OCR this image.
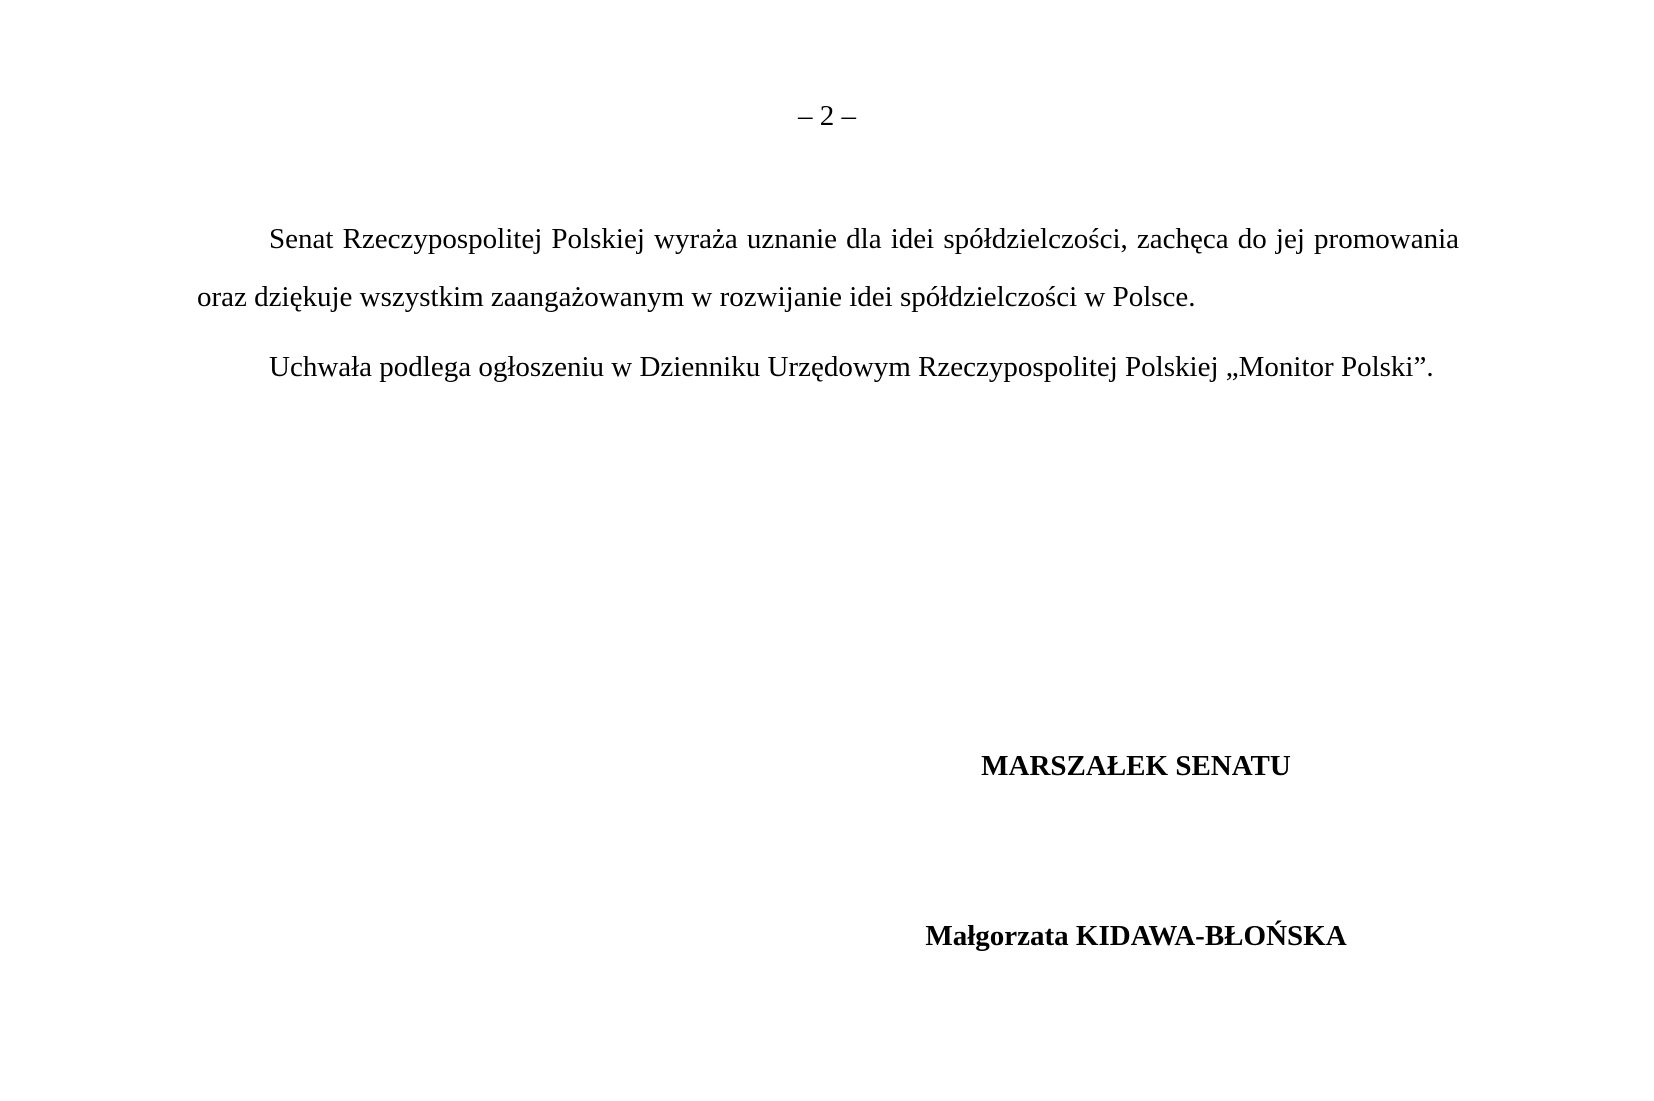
– 2 –

Senat Rzeczypospolitej Polskiej wyraża uznanie dla idei spółdzielczości, zachęca do jej promowania oraz dziękuje wszystkim zaangażowanym w rozwijanie idei spółdzielczości w Polsce.

Uchwała podlega ogłoszeniu w Dzienniku Urzędowym Rzeczypospolitej Polskiej „Monitor Polski”.

MARSZAŁEK SENATU

Małgorzata KIDAWA-BŁOŃSKA
